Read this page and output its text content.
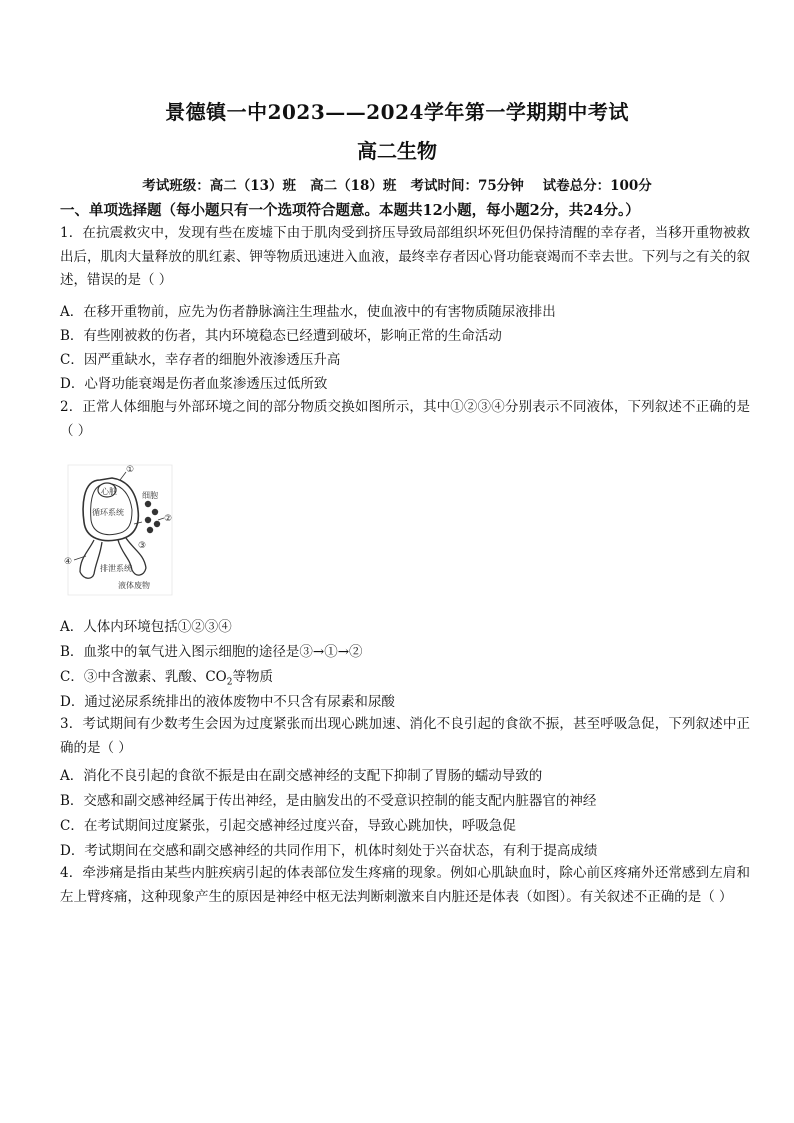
景德镇一中2023——2024学年第一学期期中考试
高二生物
考试班级：高二（13）班   高二（18）班   考试时间：75分钟    试卷总分：100分
一、单项选择题（每小题只有一个选项符合题意。本题共12小题，每小题2分，共24分。）
1．在抗震救灾中，发现有些在废墟下由于肌肉受到挤压导致局部组织坏死但仍保持清醒的幸存者，当移开重物被救出后，肌肉大量释放的肌红素、钾等物质迅速进入血液，最终幸存者因心肾功能衰竭而不幸去世。下列与之有关的叙述，错误的是（ ）
A．在移开重物前，应先为伤者静脉滴注生理盐水，使血液中的有害物质随尿液排出
B．有些刚被救的伤者，其内环境稳态已经遭到破坏，影响正常的生命活动
C．因严重缺水，幸存者的细胞外液渗透压升高
D．心肾功能衰竭是伤者血浆渗透压过低所致
2．正常人体细胞与外部环境之间的部分物质交换如图所示，其中①②③④分别表示不同液体，下列叙述不正确的是（ ）
心脏	细胞
循环系统
排泄系统
液体废物
②
①
④
③
A．人体内环境包括①②③④
B．血浆中的氧气进入图示细胞的途径是③→①→②
C．③中含激素、乳酸、$CO_2$等物质
D．通过泌尿系统排出的液体废物中不只含有尿素和尿酸
3．考试期间有少数考生会因为过度紧张而出现心跳加速、消化不良引起的食欲不振，甚至呼吸急促，下列叙述中正确的是（ ）
A．消化不良引起的食欲不振是由在副交感神经的支配下抑制了胃肠的蠕动导致的
B．交感和副交感神经属于传出神经，是由脑发出的不受意识控制的能支配内脏器官的神经
C．在考试期间过度紧张，引起交感神经过度兴奋，导致心跳加快，呼吸急促
D．考试期间在交感和副交感神经的共同作用下，机体时刻处于兴奋状态，有利于提高成绩
4．牵涉痛是指由某些内脏疾病引起的体表部位发生疼痛的现象。例如心肌缺血时，除心前区疼痛外还常感到左肩和左上臂疼痛，这种现象产生的原因是神经中枢无法判断刺激来自内脏还是体表（如图）。有关叙述不正确的是（ ）
